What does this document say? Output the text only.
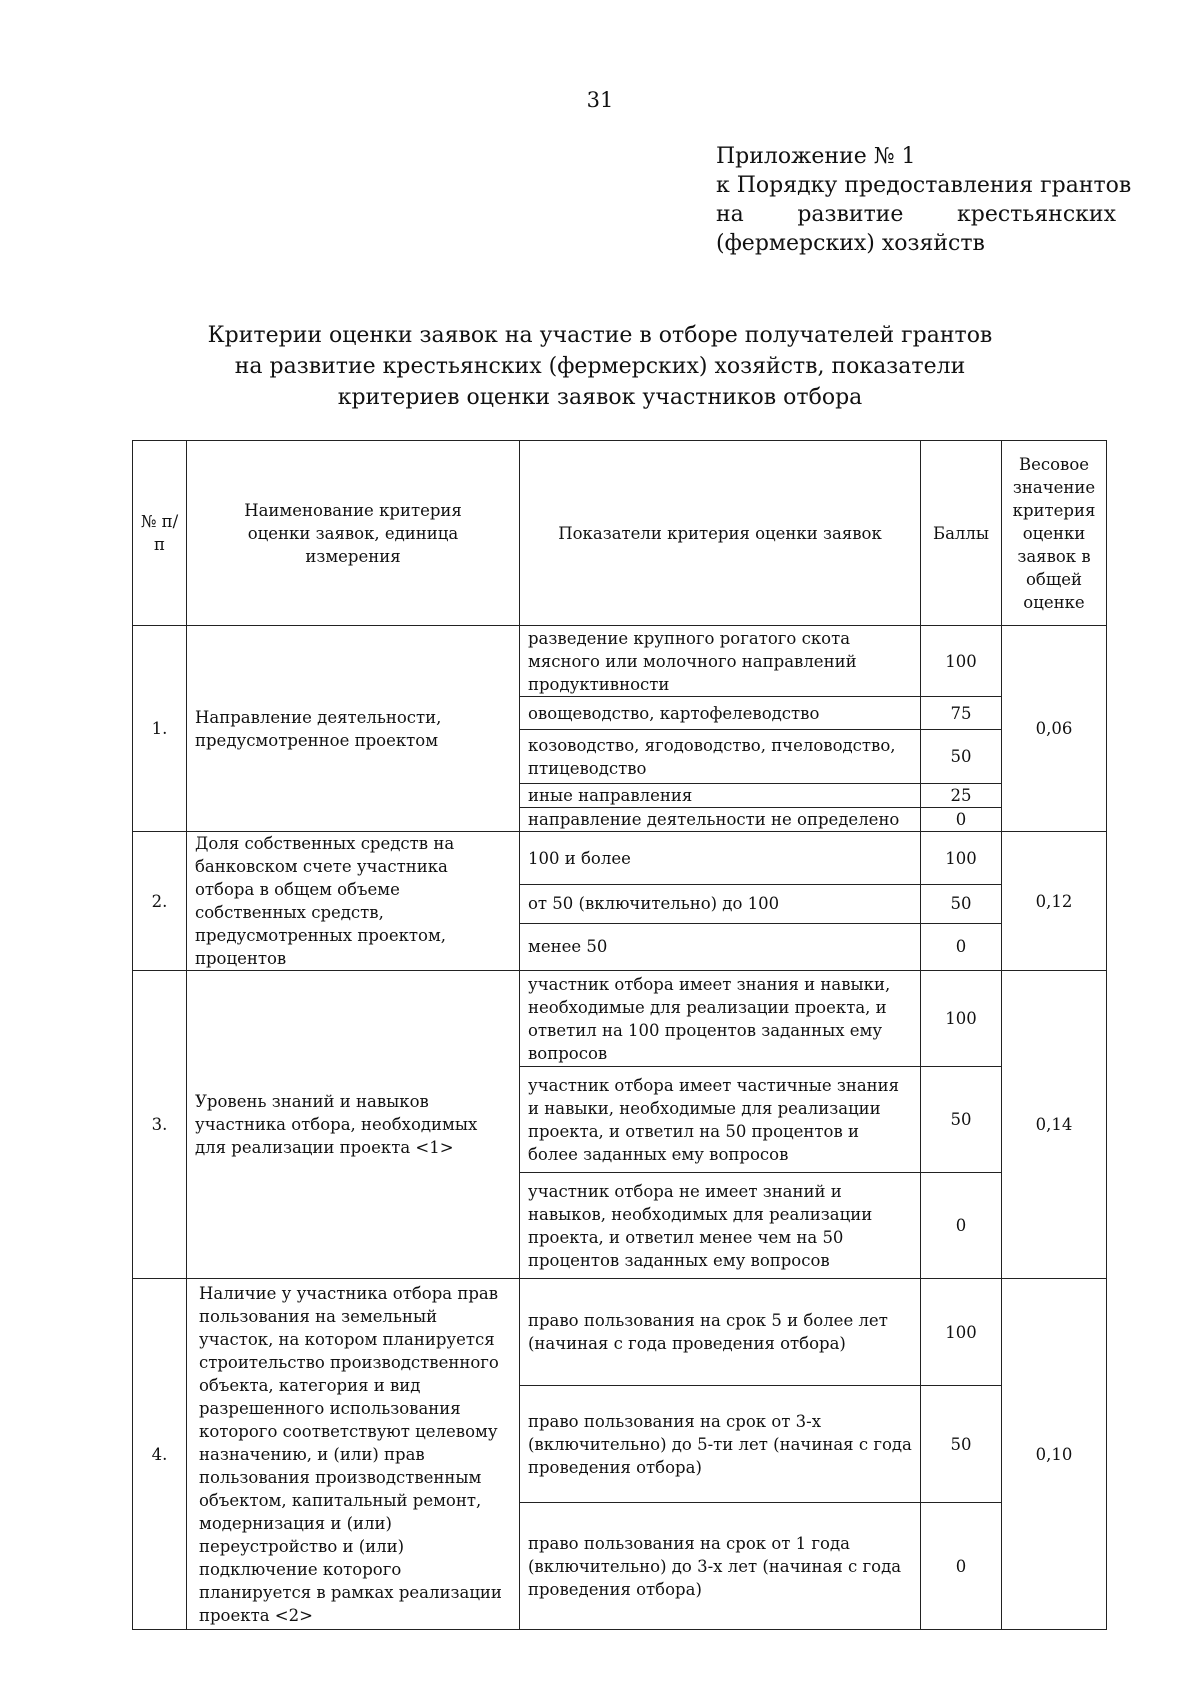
31
Приложение № 1
к Порядку предоставления грантов
на развитие крестьянских
(фермерских) хозяйств
Критерии оценки заявок на участие в отборе получателей грантов
на развитие крестьянских (фермерских) хозяйств, показатели
критериев оценки заявок участников отбора
№ п/п	Наименование критерия оценки заявок, единица измерения	Показатели критерия оценки заявок	Баллы	Весовое значение критерия оценки заявок в общей оценке
1.	Направление деятельности, предусмотренное проектом	разведение крупного рогатого скота мясного или молочного направлений продуктивности	100	0,06
		овощеводство, картофелеводство	75	
		козоводство, ягодоводство, пчеловодство, птицеводство	50	
		иные направления	25	
		направление деятельности не определено	0	
2.	Доля собственных средств на банковском счете участника отбора в общем объеме собственных средств, предусмотренных проектом, процентов	100 и более	100	0,12
		от 50 (включительно) до 100	50	
		менее 50	0	
3.	Уровень знаний и навыков участника отбора, необходимых для реализации проекта <1>	участник отбора имеет знания и навыки, необходимые для реализации проекта, и ответил на 100 процентов заданных ему вопросов	100	0,14
		участник отбора имеет частичные знания и навыки, необходимые для реализации проекта, и ответил на 50 процентов и более заданных ему вопросов	50	
		участник отбора не имеет знаний и навыков, необходимых для реализации проекта, и ответил менее чем на 50 процентов заданных ему вопросов	0	
4.	Наличие у участника отбора прав пользования на земельный участок, на котором планируется строительство производственного объекта, категория и вид разрешенного использования которого соответствуют целевому назначению, и (или) прав пользования производственным объектом, капитальный ремонт, модернизация и (или) переустройство и (или) подключение которого планируется в рамках реализации проекта <2>	право пользования на срок 5 и более лет (начиная с года проведения отбора)	100	0,10
		право пользования на срок от 3-х (включительно) до 5-ти лет (начиная с года проведения отбора)	50	
		право пользования на срок от 1 года (включительно) до 3-х лет (начиная с года проведения отбора)	0	
